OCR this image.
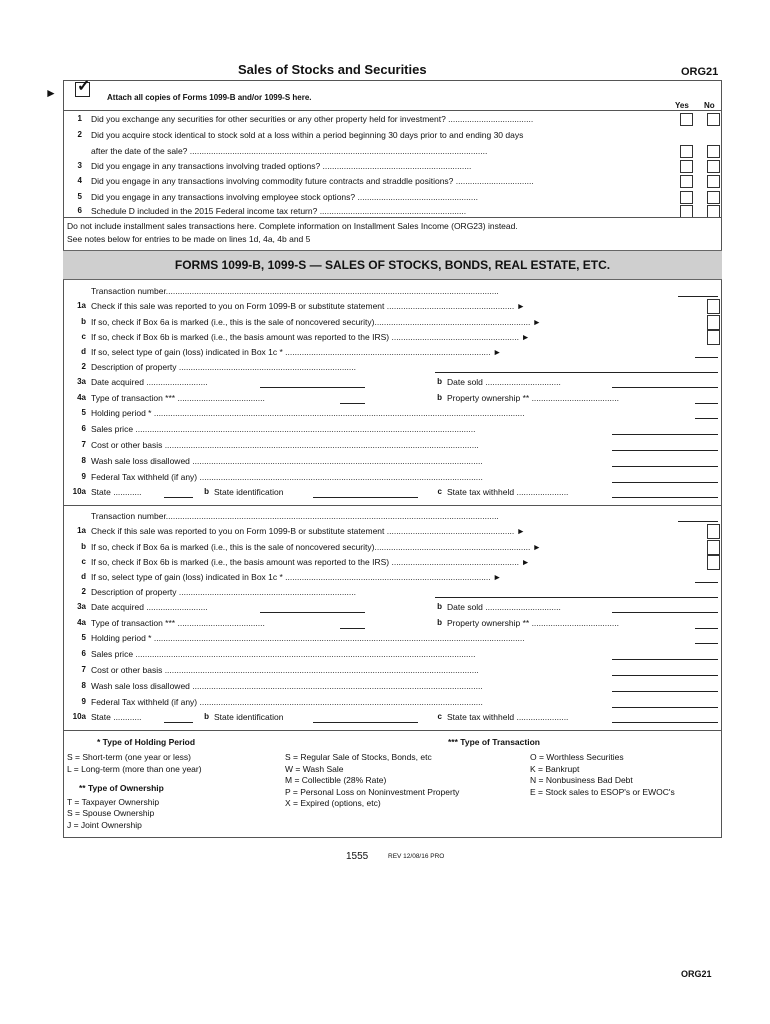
Sales of Stocks and Securities	ORG21
► ✓
Attach all copies of Forms 1099-B and/or 1099-S here.
Yes No
1 Did you exchange any securities for other securities or any other property held for investment? ....................................
2 Did you acquire stock identical to stock sold at a loss within a period beginning 30 days prior to and ending 30 days
after the date of the sale? ..............................................................................................................................
3 Did you engage in any transactions involving traded options? ...............................................................
4 Did you engage in any transactions involving commodity future contracts and straddle positions? .................................
5 Did you engage in any transactions involving employee stock options? ...................................................
6 Schedule D included in the 2015 Federal income tax return? ..............................................................
Do not include installment sales transactions here. Complete information on Installment Sales Income (ORG23) instead.
See notes below for entries to be made on lines 1d, 4a, 4b and 5
FORMS 1099-B, 1099-S — SALES OF STOCKS, BONDS, REAL ESTATE, ETC.
Transaction number.............................................................................................................................................
1a Check if this sale was reported to you on Form 1099-B or substitute statement ...................................................... ►
b If so, check if Box 6a is marked (i.e., this is the sale of noncovered security).................................................................. ►
c If so, check if Box 6b is marked (i.e., the basis amount was reported to the IRS) ...................................................... ►
d If so, select type of gain (loss) indicated in Box 1c * ....................................................................................... ►
2 Description of property ...........................................................................
3a Date acquired ..........................	b Date sold ................................
4a Type of transaction *** .....................................	b Property ownership ** .....................................
5 Holding period * .............................................................................................................................................................
6 Sales price ................................................................................................................................................
7 Cost or other basis .....................................................................................................................................
8 Wash sale loss disallowed ...........................................................................................................................
9 Federal Tax withheld (if any) ........................................................................................................................
10a State ............	b State identification	c State tax withheld ......................
Transaction number.............................................................................................................................................
1a Check if this sale was reported to you on Form 1099-B or substitute statement ...................................................... ►
b If so, check if Box 6a is marked (i.e., this is the sale of noncovered security).................................................................. ►
c If so, check if Box 6b is marked (i.e., the basis amount was reported to the IRS) ...................................................... ►
d If so, select type of gain (loss) indicated in Box 1c * ....................................................................................... ►
2 Description of property ...........................................................................
3a Date acquired ..........................	b Date sold ................................
4a Type of transaction *** .....................................	b Property ownership ** .....................................
5 Holding period * .............................................................................................................................................................
6 Sales price ................................................................................................................................................
7 Cost or other basis .....................................................................................................................................
8 Wash sale loss disallowed ...........................................................................................................................
9 Federal Tax withheld (if any) ........................................................................................................................
10a State ............	b State identification	c State tax withheld ......................
* Type of Holding Period
S = Short-term (one year or less)
L = Long-term (more than one year)
** Type of Ownership
T = Taxpayer Ownership
S = Spouse Ownership
J = Joint Ownership
*** Type of Transaction
S = Regular Sale of Stocks, Bonds, etc
W = Wash Sale
M = Collectible (28% Rate)
P = Personal Loss on Noninvestment Property
X = Expired (options, etc)
O = Worthless Securities
K = Bankrupt
N = Nonbusiness Bad Debt
E = Stock sales to ESOP's or EWOC's
1555	REV 12/08/16 PRO
ORG21
